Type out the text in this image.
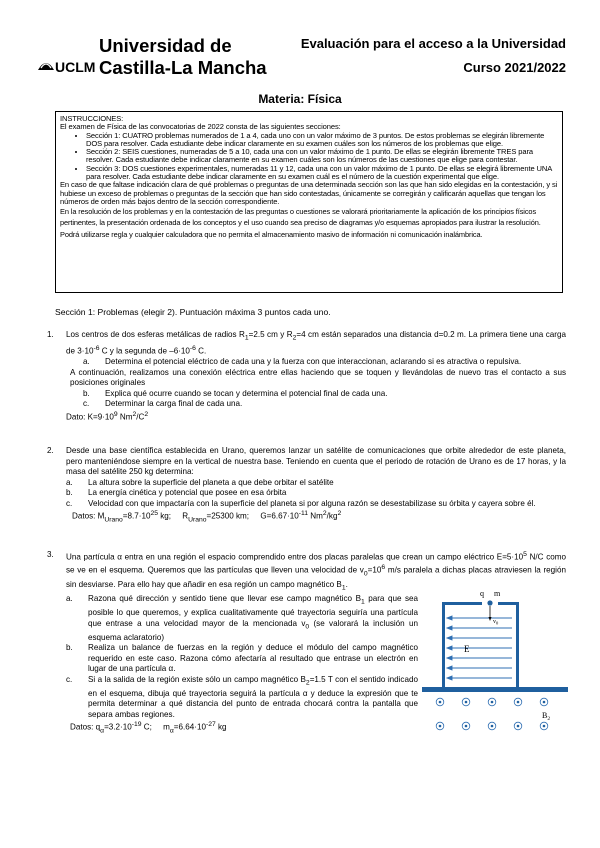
UCLM
Universidad de
Castilla-La Mancha
Evaluación para el acceso a la Universidad
Curso 2021/2022
Materia: Física

INSTRUCCIONES:

El examen de Física de las convocatorias de 2022 consta de las siguientes secciones:

• Sección 1: CUATRO problemas numerados de 1 a 4, cada uno con un valor máximo de 3 puntos. De estos problemas se elegirán libremente DOS para resolver. Cada estudiante debe indicar claramente en su examen cuáles son los números de los problemas que elige.
• Sección 2: SEIS cuestiones, numeradas de 5 a 10, cada una con un valor máximo de 1 punto. De ellas se elegirán libremente TRES para resolver. Cada estudiante debe indicar claramente en su examen cuáles son los números de las cuestiones que elige para contestar.
• Sección 3: DOS cuestiones experimentales, numeradas 11 y 12, cada una con un valor máximo de 1 punto. De ellas se elegirá libremente UNA para resolver. Cada estudiante debe indicar claramente en su examen cuál es el número de la cuestión experimental que elige.

En caso de que faltase indicación clara de qué problemas o preguntas de una determinada sección son las que han sido elegidas en la contestación, y si hubiese un exceso de problemas o preguntas de la sección que han sido contestadas, únicamente se corregirán y calificarán aquellas que tengan los números de orden más bajos dentro de la sección correspondiente.

En la resolución de los problemas y en la contestación de las preguntas o cuestiones se valorará prioritariamente la aplicación de los principios físicos pertinentes, la presentación ordenada de los conceptos y el uso cuando sea preciso de diagramas y/o esquemas apropiados para ilustrar la resolución. Podrá utilizarse regla y cualquier calculadora que no permita el almacenamiento masivo de información ni comunicación inalámbrica.

Sección 1: Problemas (elegir 2). Puntuación máxima 3 puntos cada uno.
1. Los centros de dos esferas metálicas de radios $R_1=2.5$ cm y $R_2=4$ cm están separados una distancia d=0.2 m. La primera tiene una carga de $3\cdot 10^{-6}$ C y la segunda de $-6\cdot 10^{-6}$ C.

a.	Determina el potencial eléctrico de cada una y la fuerza con que interaccionan, aclarando si es atractiva o repulsiva.

A continuación, realizamos una conexión eléctrica entre ellas haciendo que se toquen y llevándolas de nuevo tras el contacto a sus posiciones originales

b.	Explica qué ocurre cuando se tocan y determina el potencial final de cada una.
c.	Determinar la carga final de cada una.

Dato: $K=9\cdot 10^9$ $Nm^2/C^2$

2. Desde una base científica establecida en Urano, queremos lanzar un satélite de comunicaciones que orbite alrededor de este planeta, pero manteniéndose siempre en la vertical de nuestra base. Teniendo en cuenta que el periodo de rotación de Urano es de 17 horas, y la masa del satélite 250 kg determina:

a.	La altura sobre la superficie del planeta a que debe orbitar el satélite
b.	La energía cinética y potencial que posee en esa órbita
c.	Velocidad con que impactaría con la superficie del planeta si por alguna razón se desestabilizase su órbita y cayera sobre él.

Datos: $M_{Urano}=8.7\cdot 10^{25}$ kg; $R_{Urano}=25300$ km; $G=6.67\cdot 10^{-11}$ $Nm^2/kg^2$

3. Una partícula α entra en una región el espacio comprendido entre dos placas paralelas que crean un campo eléctrico $E=5\cdot 10^5$ N/C como se ve en el esquema. Queremos que las partículas que lleven una velocidad de $v_0=10^6$ m/s paralela a dichas placas atraviesen la región sin desviarse. Para ello hay que añadir en esa región un campo magnético $B_1$.

a.	Razona qué dirección y sentido tiene que llevar ese campo magnético $B_1$ para que sea posible lo que queremos, y explica cualitativamente qué trayectoria seguiría una partícula que entrase a una velocidad mayor de la mencionada $v_0$ (se valorará la inclusión un esquema aclaratorio)
b.	Realiza un balance de fuerzas en la región y deduce el módulo del campo magnético requerido en este caso. Razona cómo afectaría al resultado que entrase un electrón en lugar de una partícula α.
c.	Si a la salida de la región existe sólo un campo magnético $B_2=1.5$ T con el sentido indicado en el esquema, dibuja qué trayectoria seguirá la partícula α y deduce la expresión que te permita determinar a qué distancia del punto de entrada chocará contra la pantalla que separa ambas regiones.

Datos: $q_\alpha=3.2\cdot 10^{-19}$ C; $m_\alpha=6.64\cdot 10^{-27}$ kg

E
q m
$v_0$
$B_2$
